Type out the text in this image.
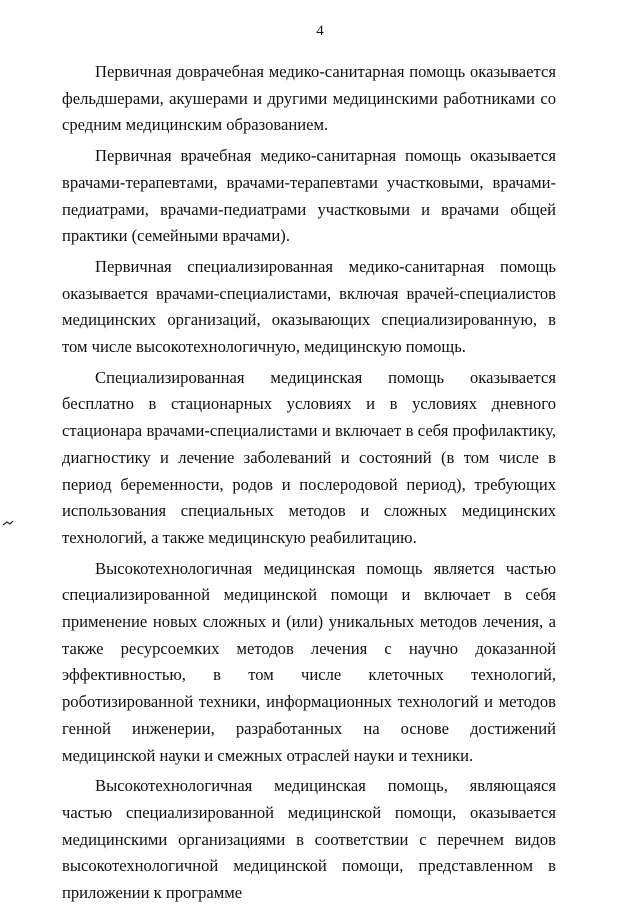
4

Первичная доврачебная медико-санитарная помощь оказывается фельдшерами, акушерами и другими медицинскими работниками со средним медицинским образованием.

Первичная врачебная медико-санитарная помощь оказывается врачами-терапевтами, врачами-терапевтами участковыми, врачами-педиатрами, врачами-педиатрами участковыми и врачами общей практики (семейными врачами).

Первичная специализированная медико-санитарная помощь оказывается врачами-специалистами, включая врачей-специалистов медицинских организаций, оказывающих специализированную, в том числе высокотехнологичную, медицинскую помощь.

Специализированная медицинская помощь оказывается бесплатно в стационарных условиях и в условиях дневного стационара врачами-специалистами и включает в себя профилактику, диагностику и лечение заболеваний и состояний (в том числе в период беременности, родов и послеродовой период), требующих использования специальных методов и сложных медицинских технологий, а также медицинскую реабилитацию.

Высокотехнологичная медицинская помощь является частью специализированной медицинской помощи и включает в себя применение новых сложных и (или) уникальных методов лечения, а также ресурсоемких методов лечения с научно доказанной эффективностью, в том числе клеточных технологий, роботизированной техники, информационных технологий и методов генной инженерии, разработанных на основе достижений медицинской науки и смежных отраслей науки и техники.

Высокотехнологичная медицинская помощь, являющаяся частью специализированной медицинской помощи, оказывается медицинскими организациями в соответствии с перечнем видов высокотехнологичной медицинской помощи, представленном в приложении к программе
